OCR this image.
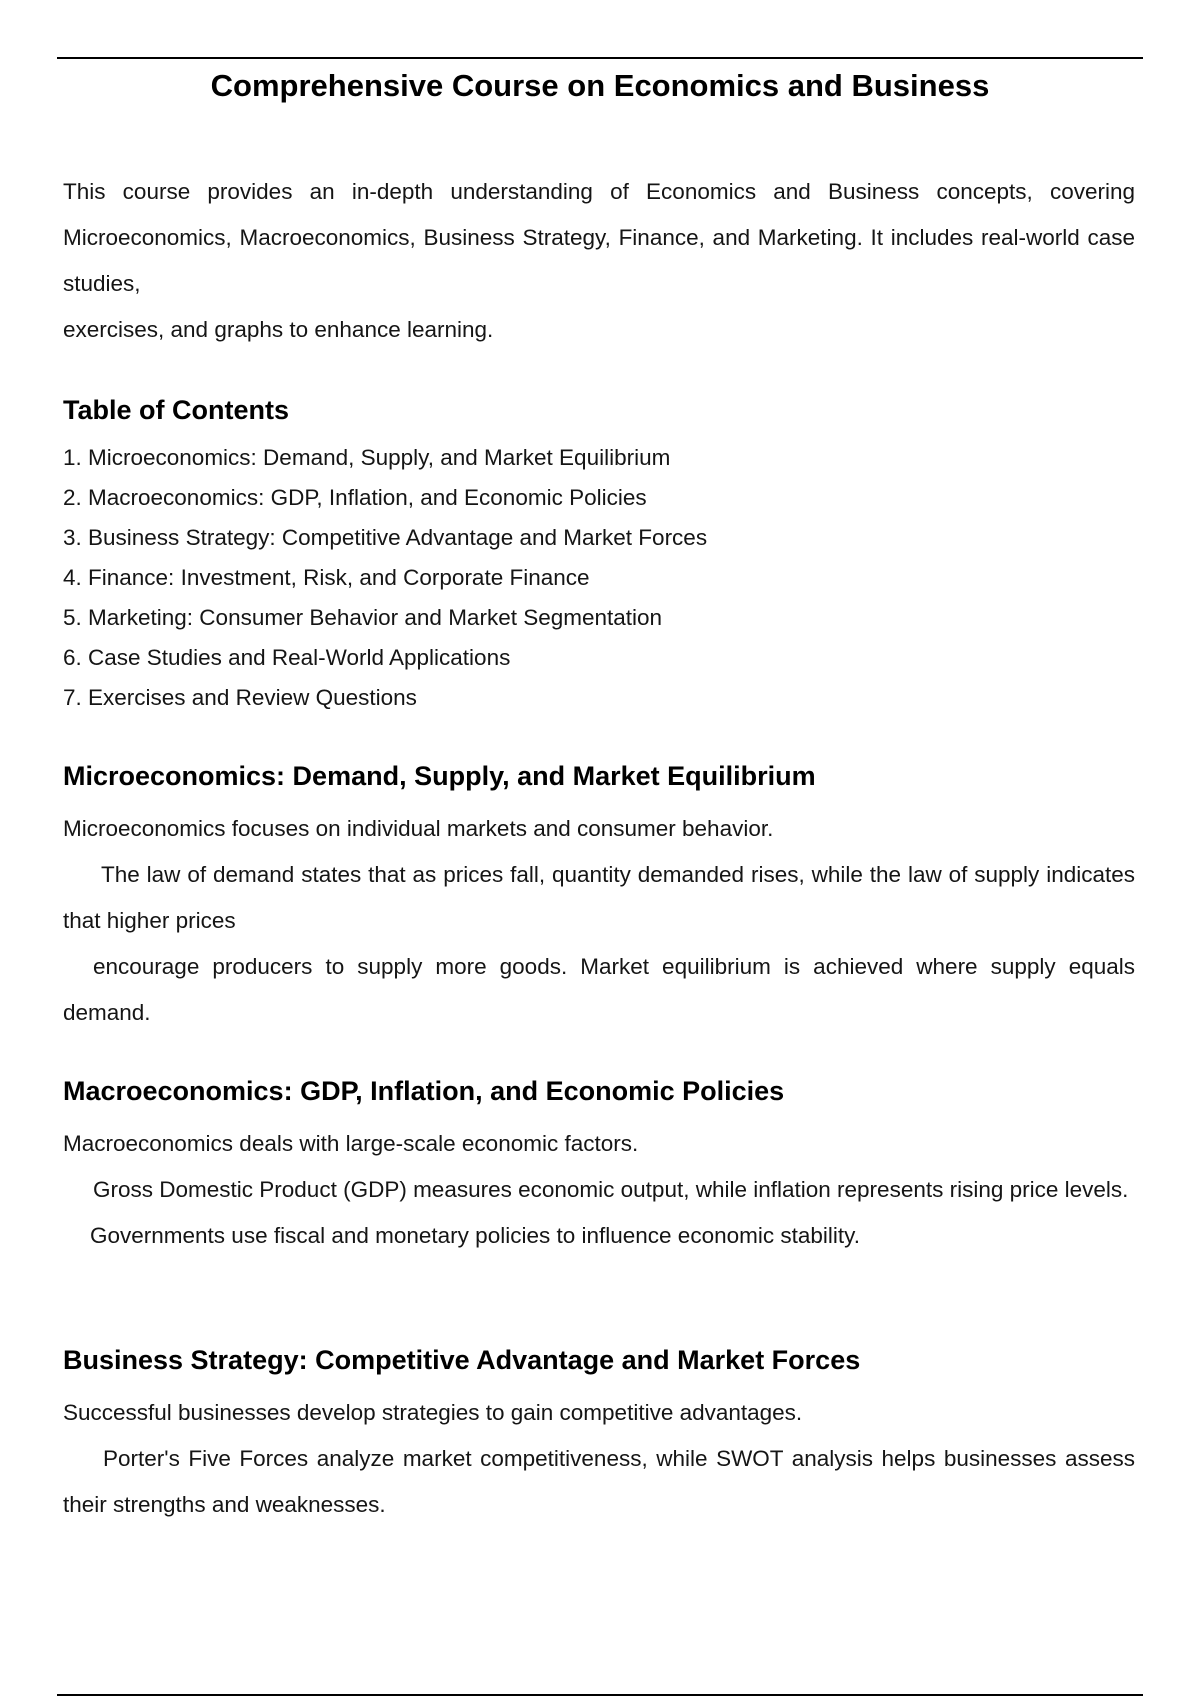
Comprehensive Course on Economics and Business
This course provides an in-depth understanding of Economics and Business concepts, covering Microeconomics, Macroeconomics, Business Strategy, Finance, and Marketing. It includes real-world case studies,
exercises, and graphs to enhance learning.
Table of Contents
1. Microeconomics: Demand, Supply, and Market Equilibrium
2. Macroeconomics: GDP, Inflation, and Economic Policies
3. Business Strategy: Competitive Advantage and Market Forces
4. Finance: Investment, Risk, and Corporate Finance
5. Marketing: Consumer Behavior and Market Segmentation
6. Case Studies and Real-World Applications
7. Exercises and Review Questions
Microeconomics: Demand, Supply, and Market Equilibrium
Microeconomics focuses on individual markets and consumer behavior.
The law of demand states that as prices fall, quantity demanded rises, while the law of supply indicates that higher prices
encourage producers to supply more goods. Market equilibrium is achieved where supply equals demand.
Macroeconomics: GDP, Inflation, and Economic Policies
Macroeconomics deals with large-scale economic factors.
Gross Domestic Product (GDP) measures economic output, while inflation represents rising price levels.
Governments use fiscal and monetary policies to influence economic stability.
Business Strategy: Competitive Advantage and Market Forces
Successful businesses develop strategies to gain competitive advantages.
Porter's Five Forces analyze market competitiveness, while SWOT analysis helps businesses assess their strengths and weaknesses.
